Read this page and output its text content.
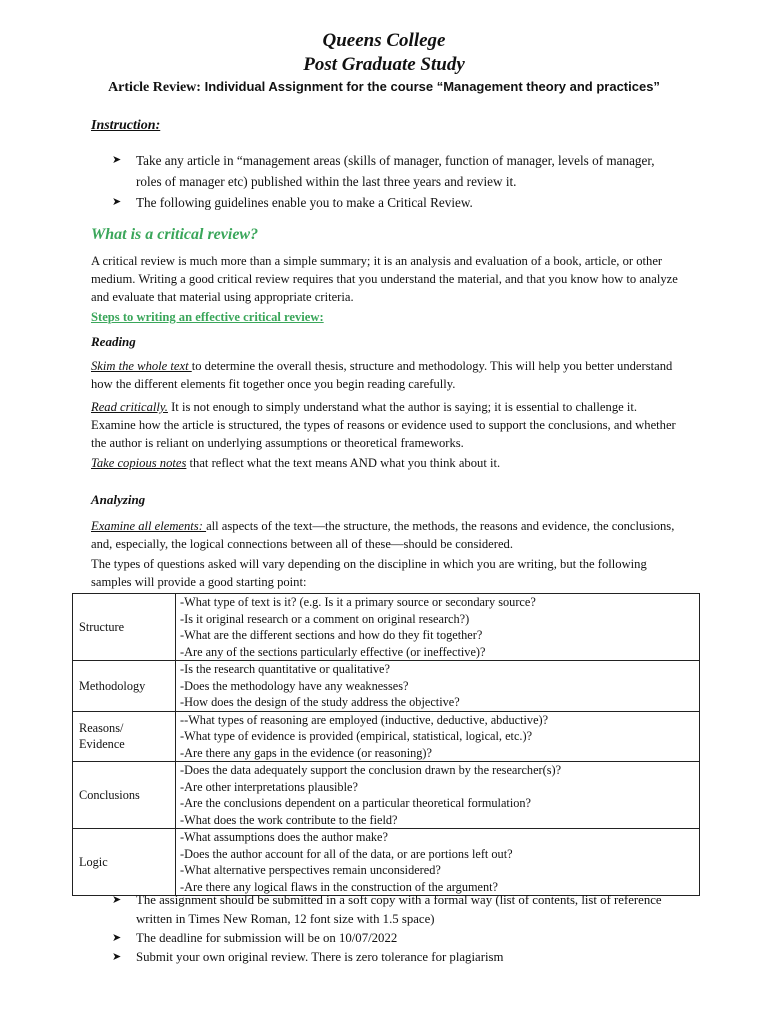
Queens College
Post Graduate Study
Article Review: Individual Assignment for the course “Management theory and practices”
Instruction:
➤ Take any article in “management areas (skills of manager, function of manager, levels of manager, roles of manager etc) published within the last three years and review it.
➤ The following guidelines enable you to make a Critical Review.
What is a critical review?
A critical review is much more than a simple summary; it is an analysis and evaluation of a book, article, or other medium. Writing a good critical review requires that you understand the material, and that you know how to analyze and evaluate that material using appropriate criteria.
Steps to writing an effective critical review:
Reading
Skim the whole text to determine the overall thesis, structure and methodology. This will help you better understand how the different elements fit together once you begin reading carefully.
Read critically. It is not enough to simply understand what the author is saying; it is essential to challenge it. Examine how the article is structured, the types of reasons or evidence used to support the conclusions, and whether the author is reliant on underlying assumptions or theoretical frameworks.
Take copious notes that reflect what the text means AND what you think about it.
Analyzing
Examine all elements: all aspects of the text—the structure, the methods, the reasons and evidence, the conclusions, and, especially, the logical connections between all of these—should be considered.
The types of questions asked will vary depending on the discipline in which you are writing, but the following samples will provide a good starting point:
Structure	-What type of text is it? (e.g. Is it a primary source or secondary source?
-Is it original research or a comment on original research?)
-What are the different sections and how do they fit together?
-Are any of the sections particularly effective (or ineffective)?

Methodology	-Is the research quantitative or qualitative?
-Does the methodology have any weaknesses?
-How does the design of the study address the objective?

Reasons/ Evidence	--What types of reasoning are employed (inductive, deductive, abductive)?
-What type of evidence is provided (empirical, statistical, logical, etc.)?
-Are there any gaps in the evidence (or reasoning)?

Conclusions	-Does the data adequately support the conclusion drawn by the researcher(s)?
-Are other interpretations plausible?
-Are the conclusions dependent on a particular theoretical formulation?
-What does the work contribute to the field?

Logic	-What assumptions does the author make?
-Does the author account for all of the data, or are portions left out?
-What alternative perspectives remain unconsidered?
-Are there any logical flaws in the construction of the argument?
➤ The assignment should be submitted in a soft copy with a formal way (list of contents, list of reference written in Times New Roman, 12 font size with 1.5 space)
➤ The deadline for submission will be on 10/07/2022
➤ Submit your own original review. There is zero tolerance for plagiarism
